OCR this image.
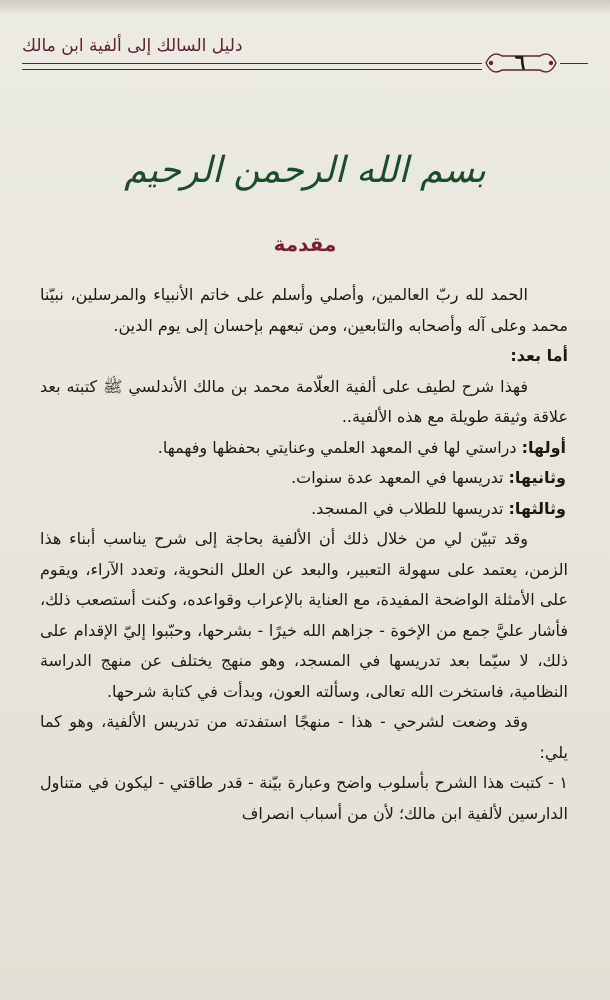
دليل السالك إلى ألفية ابن مالك
٦
بسم الله الرحمن الرحيم
مقدمة

الحمد لله ربّ العالمين، وأصلي وأسلم على خاتم الأنبياء والمرسلين، نبيّنا محمد وعلى آله وأصحابه والتابعين، ومن تبعهم بإحسان إلى يوم الدين.

أما بعد:

فهذا شرح لطيف على ألفية العلّامة محمد بن مالك الأندلسي ﷺ كتبته بعد علاقة وثيقة طويلة مع هذه الألفية..

أولها: دراستي لها في المعهد العلمي وعنايتي بحفظها وفهمها.

وثانيها: تدريسها في المعهد عدة سنوات.

وثالثها: تدريسها للطلاب في المسجد.

وقد تبيّن لي من خلال ذلك أن الألفية بحاجة إلى شرح يناسب أبناء هذا الزمن، يعتمد على سهولة التعبير، والبعد عن العلل النحوية، وتعدد الآراء، ويقوم على الأمثلة الواضحة المفيدة، مع العناية بالإعراب وقواعده، وكنت أستصعب ذلك، فأشار عليَّ جمع من الإخوة - جزاهم الله خيرًا - بشرحها، وحبّبوا إليّ الإقدام على ذلك، لا سيّما بعد تدريسها في المسجد، وهو منهج يختلف عن منهج الدراسة النظامية، فاستخرت الله تعالى، وسألته العون، وبدأت في كتابة شرحها.

وقد وضعت لشرحي - هذا - منهجًا استفدته من تدريس الألفية، وهو كما يلي:

١ - كتبت هذا الشرح بأسلوب واضح وعبارة بيّنة - قدر طاقتي - ليكون في متناول الدارسين لألفية ابن مالك؛ لأن من أسباب انصراف
